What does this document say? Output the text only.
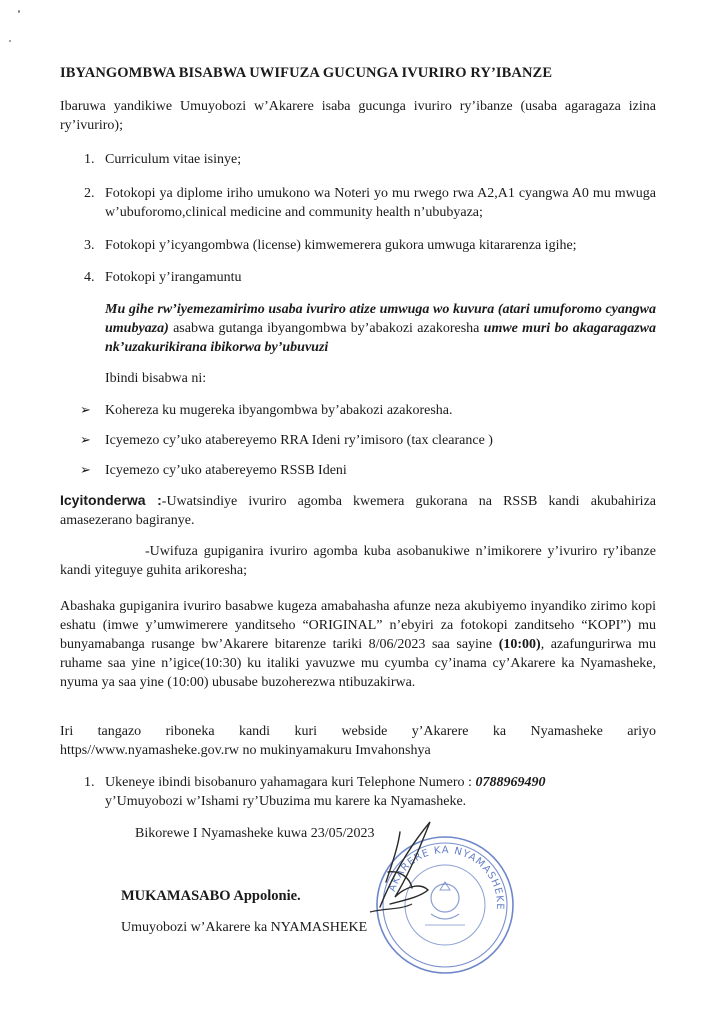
IBYANGOMBWA BISABWA UWIFUZA GUCUNGA IVURIRO RY’IBANZE
Ibaruwa yandikiwe Umuyobozi w’Akarere isaba gucunga ivuriro ry’ibanze (usaba agaragaza izina ry’ivuriro);
1. Curriculum vitae isinye;
2. Fotokopi ya diplome iriho umukono wa Noteri yo mu rwego rwa A2,A1 cyangwa A0 mu mwuga w’ubuforomo,clinical medicine and community health n’ububyaza;
3. Fotokopi y’icyangombwa (license) kimwemerera gukora umwuga kitararenza igihe;
4. Fotokopi y’irangamuntu
Mu gihe rw’iyemezamirimo usaba ivuriro atize umwuga wo kuvura (atari umuforomo cyangwa umubyaza) asabwa gutanga ibyangombwa by’abakozi azakoresha umwe muri bo akagaragazwa nk’uzakurikirana ibikorwa by’ubuvuzi
Ibindi bisabwa ni:
➢	Kohereza ku mugereka ibyangombwa by’abakozi azakoresha.
➢	Icyemezo cy’uko atabereyemo RRA Ideni ry’imisoro (tax clearance )
➢	Icyemezo cy’uko atabereyemo RSSB Ideni
Icyitonderwa :-Uwatsindiye ivuriro agomba kwemera gukorana na RSSB kandi akubahiriza amasezerano bagiranye.
-Uwifuza gupiganira ivuriro agomba kuba asobanukiwe n’imikorere y’ivuriro ry’ibanze kandi yiteguye guhita arikoresha;
Abashaka gupiganira ivuriro basabwe kugeza amabahasha afunze neza akubiyemo inyandiko zirimo kopi eshatu (imwe y’umwimerere yanditseho “ORIGINAL” n’ebyiri za fotokopi zanditseho “KOPI”) mu bunyamabanga rusange bw’Akarere bitarenze tariki 8/06/2023 saa sayine (10:00), azafungurirwa mu ruhame saa yine n’igice(10:30) ku italiki yavuzwe mu cyumba cy’inama cy’Akarere ka Nyamasheke, nyuma ya saa yine (10:00) ubusabe buzoherezwa ntibuzakirwa.
Iri tangazo riboneka kandi kuri webside y’Akarere ka Nyamasheke ariyo
https//www.nyamasheke.gov.rw no mukinyamakuru Imvahonshya
1. Ukeneye ibindi bisobanuro yahamagara kuri Telephone Numero : 0788969490
y’Umuyobozi w’Ishami ry’Ubuzima mu karere ka Nyamasheke.
Bikorewe I Nyamasheke kuwa 23/05/2023
MUKAMASABO Appolonie.
Umuyobozi w’Akarere ka NYAMASHEKE
AKARERE KA NYAMASHEKE
